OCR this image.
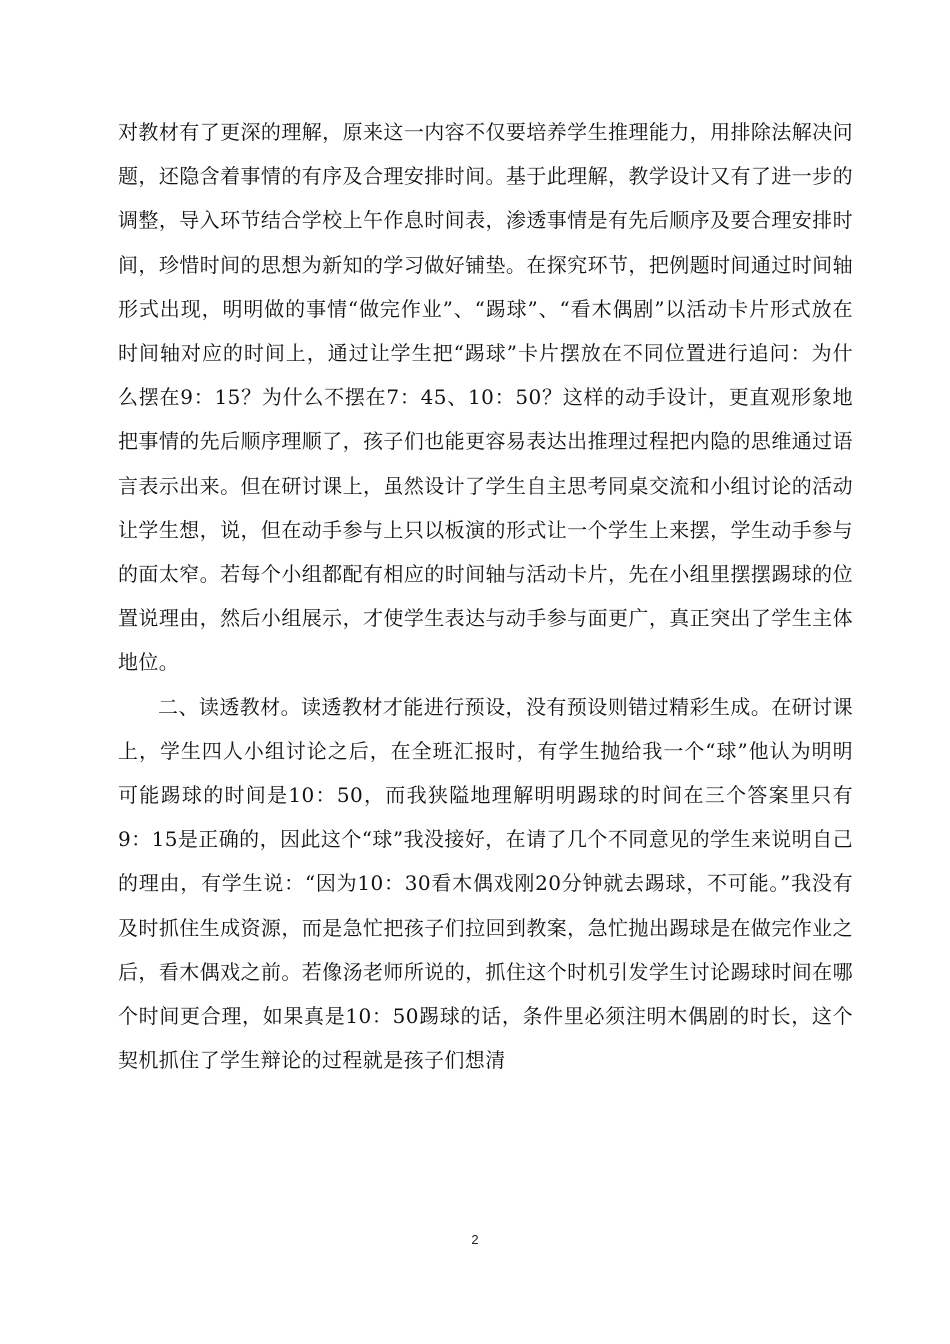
对教材有了更深的理解，原来这一内容不仅要培养学生推理能力，用排除法解决问题，还隐含着事情的有序及合理安排时间。基于此理解，教学设计又有了进一步的调整，导入环节结合学校上午作息时间表，渗透事情是有先后顺序及要合理安排时间，珍惜时间的思想为新知的学习做好铺垫。在探究环节，把例题时间通过时间轴形式出现，明明做的事情“做完作业”、“踢球”、“看木偶剧”以活动卡片形式放在时间轴对应的时间上，通过让学生把“踢球”卡片摆放在不同位置进行追问：为什么摆在9：15？为什么不摆在7：45、10：50？这样的动手设计，更直观形象地把事情的先后顺序理顺了，孩子们也能更容易表达出推理过程把内隐的思维通过语言表示出来。但在研讨课上，虽然设计了学生自主思考同桌交流和小组讨论的活动让学生想，说，但在动手参与上只以板演的形式让一个学生上来摆，学生动手参与的面太窄。若每个小组都配有相应的时间轴与活动卡片，先在小组里摆摆踢球的位置说理由，然后小组展示，才使学生表达与动手参与面更广，真正突出了学生主体地位。

二、读透教材。读透教材才能进行预设，没有预设则错过精彩生成。在研讨课上，学生四人小组讨论之后，在全班汇报时，有学生抛给我一个“球”他认为明明可能踢球的时间是10：50，而我狭隘地理解明明踢球的时间在三个答案里只有9：15是正确的，因此这个“球”我没接好，在请了几个不同意见的学生来说明自己的理由，有学生说：“因为10：30看木偶戏刚20分钟就去踢球，不可能。”我没有及时抓住生成资源，而是急忙把孩子们拉回到教案，急忙抛出踢球是在做完作业之后，看木偶戏之前。若像汤老师所说的，抓住这个时机引发学生讨论踢球时间在哪个时间更合理，如果真是10：50踢球的话，条件里必须注明木偶剧的时长，这个契机抓住了学生辩论的过程就是孩子们想清

2
